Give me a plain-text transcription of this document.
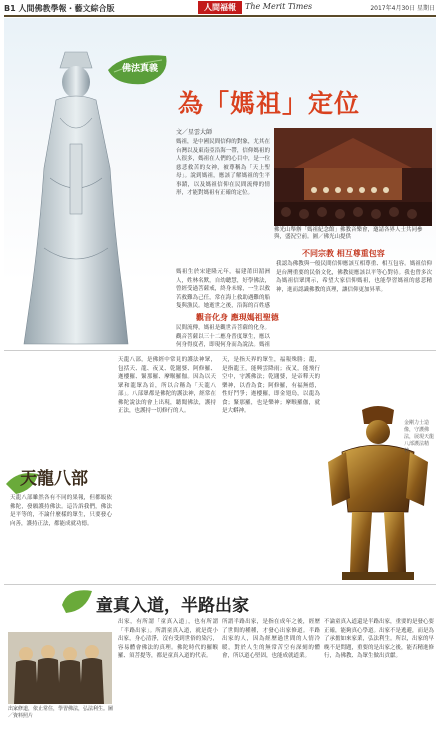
B1 人間佛教學報・藝文綜合版	人間福報	The Merit Times	2017年4月30日 星期日
佛法真義
為「媽祖」定位
文／星雲大師
媽祖，是中國民間信仰的對象，尤其在台灣以及東南亞沿海一帶，信仰媽祖的人很多，媽祖在人們的心目中，是一位慈悲救苦的女神，被尊稱為「天上聖母」。說到媽祖，應該了解媽祖的生平事蹟，以及媽祖信仰在民間流傳的情形，才能對媽祖有正確的定位。
媽祖生於宋建隆元年，福建莆田湄洲人，姓林名默，自幼聰慧，好學佛法，曾經受過菩薩戒，終身未嫁，一生以救苦救難為己任，常在海上救助遇難的船隻與漁民。她逝世之後，沿海的百姓感
觀音化身 應現媽祖聖德
民間流傳，媽祖是觀世音菩薩的化身。觀音菩薩以三十二應身普度眾生，應以何身得度者，即現何身而為說法。媽祖
佛光山舉辦「媽祖紀念館」佛教音樂會，邀請各界人士共同參與，盛況空前。圖／佛光山提供
不同宗教 相互尊重包容
我認為佛教與一般民間信仰應該互相尊重、相互包容。媽祖信仰是台灣重要的民俗文化，佛教徒應該以平等心對待。我也曾多次為媽祖信眾開示，希望大家信仰媽祖，也能學習媽祖的慈悲精神，進而認識佛教的真理，讓信仰更加昇華。
天龍八部，是佛經中常見的護法神眾，包括天、龍、夜叉、乾闥婆、阿修羅、迦樓羅、緊那羅、摩睺羅伽。因為以天眾和龍眾為首，所以合稱為「天龍八部」。八部眾都是佛陀的護法神，經常在佛陀說法的會上出現，聽聞佛法，護持正法，也護持一切修行的人。
天，是指天界的眾生，福報殊勝；龍，是指龍王，能興雲降雨；夜叉，能飛行空中，守護佛法；乾闥婆，是帝釋天的樂神，以香為食；阿修羅，有福無德，性好鬥爭；迦樓羅，即金翅鳥，以龍為食；緊那羅，也是樂神；摩睺羅伽，就是大蟒神。
天龍八部
天龍八部雖然各有不同的果報，但都皈依佛陀，發願護持佛法。這告訴我們，佛法是平等的，不論什麼樣的眾生，只要發心向善，護持正法，都能成就功德。
金剛力士造像，守護佛法，展現天龍八部護法精神。
童真入道，半路出家
出家修道，依止常住，學習佛法，弘法利生。圖／資料照片
出家，有所謂「童真入道」，也有所謂「半路出家」。所謂童真入道，就是從小出家，身心清淨，沒有受到世俗的染污，容易體會佛法的真理。佛陀時代的羅睺羅、須菩提等，都是童真入道的代表。
所謂半路出家，是指在成年之後，經歷了世間的種種，才發心出家修道。半路出家的人，因為經歷過世間的人情冷暖，對於人生的無常苦空有深刻的體會，所以道心堅固，也能成就道業。
不論童真入道還是半路出家，重要的是發心要正確，能夠真心學道。出家不是逃避，而是為了承擔如來家業，弘法利生。所以，出家的早晚不是問題，重要的是出家之後，能否精進修行，為佛教、為眾生做出貢獻。
